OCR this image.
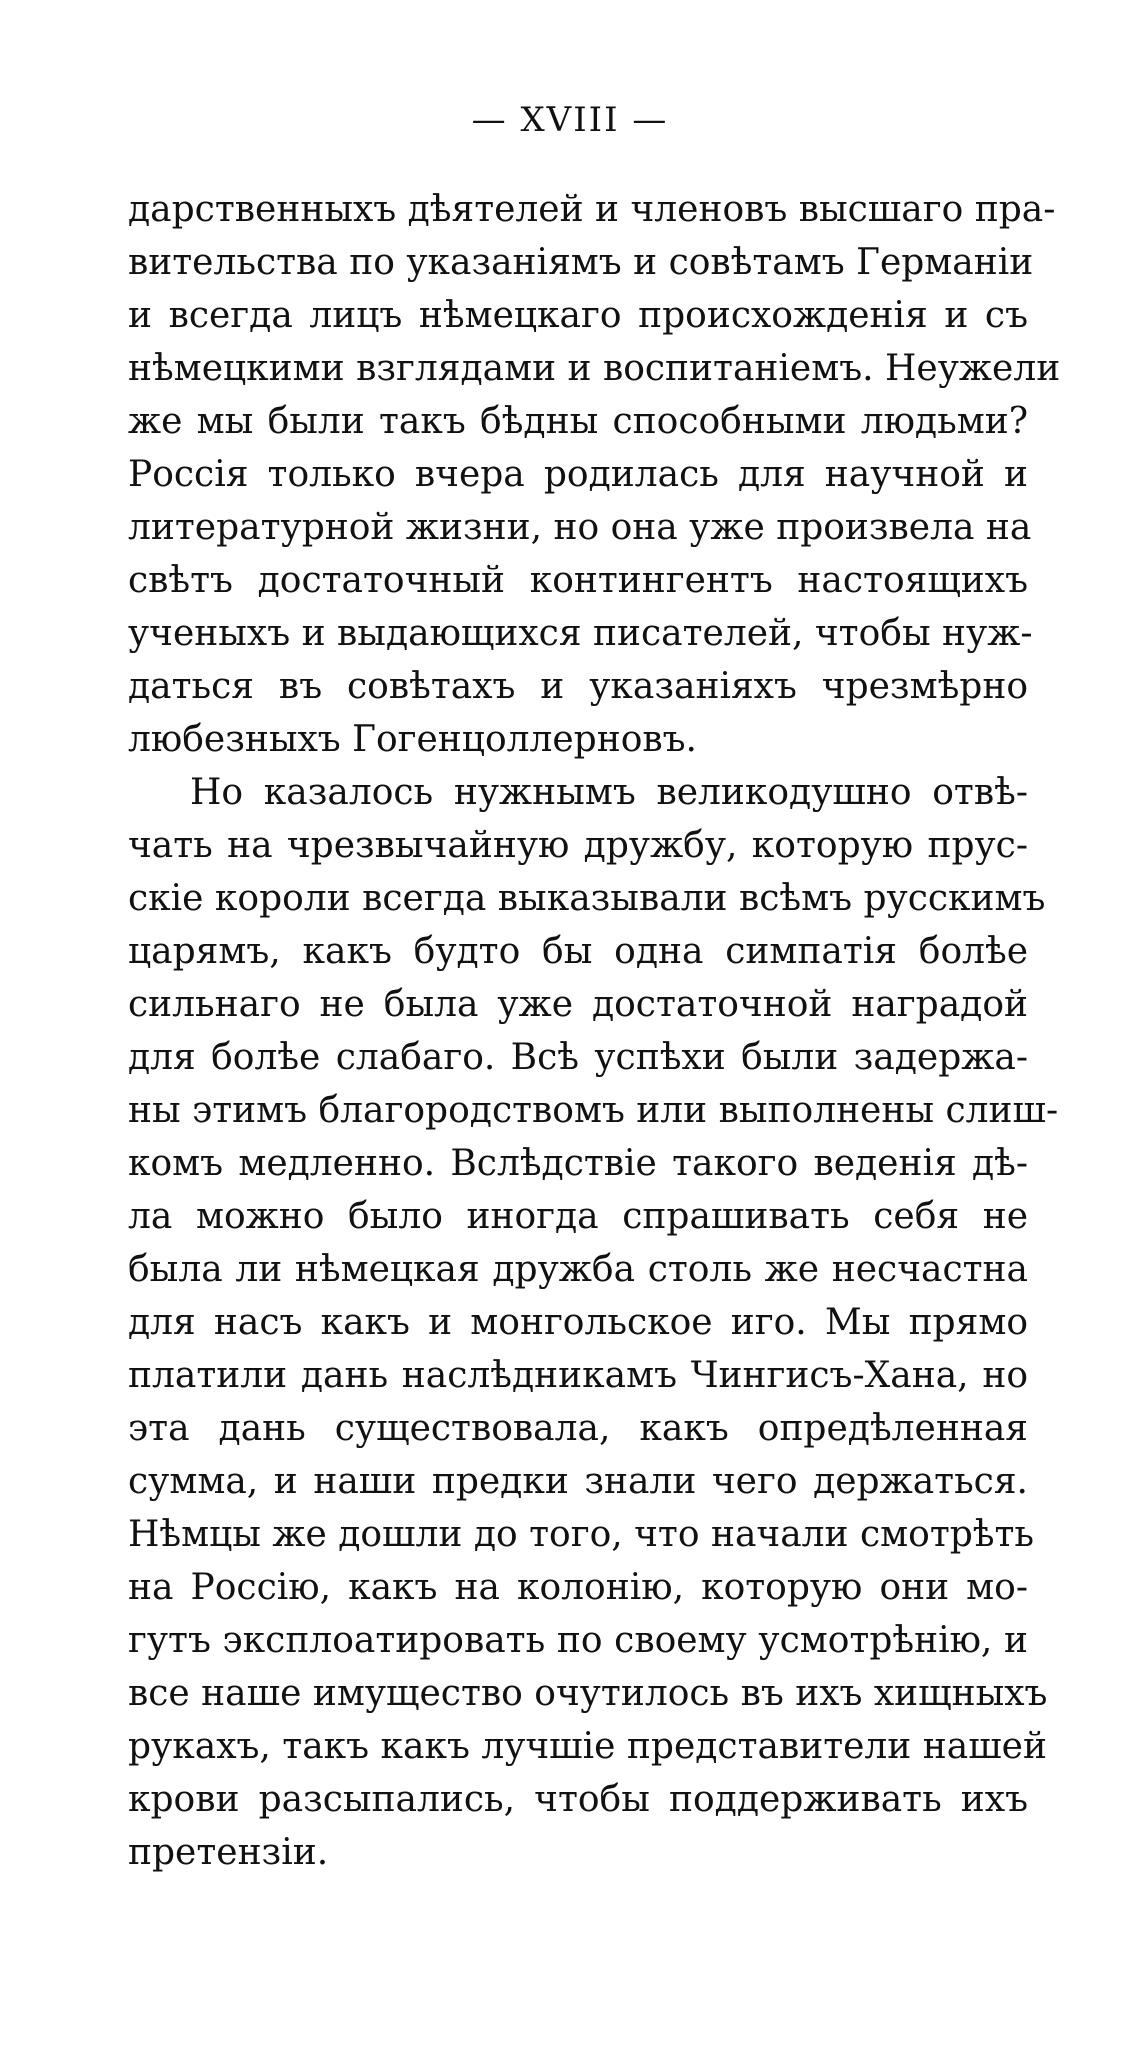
— XVIII —
дарственныхъ дѣятелей и членовъ высшаго пра-
вительства по указаніямъ и совѣтамъ Германіи
и всегда лицъ нѣмецкаго происхожденія и съ
нѣмецкими взглядами и воспитаніемъ. Неужели
же мы были такъ бѣдны способными людьми?
Россія только вчера родилась для научной и
литературной жизни, но она уже произвела на
свѣтъ достаточный контингентъ настоящихъ
ученыхъ и выдающихся писателей, чтобы нуж-
даться въ совѣтахъ и указаніяхъ чрезмѣрно
любезныхъ Гогенцоллерновъ.
Но казалось нужнымъ великодушно отвѣ-
чать на чрезвычайную дружбу, которую прус-
скіе короли всегда выказывали всѣмъ русскимъ
царямъ, какъ будто бы одна симпатія болѣе
сильнаго не была уже достаточной наградой
для болѣе слабаго. Всѣ успѣхи были задержа-
ны этимъ благородствомъ или выполнены слиш-
комъ медленно. Вслѣдствіе такого веденія дѣ-
ла можно было иногда спрашивать себя не
была ли нѣмецкая дружба столь же несчастна
для насъ какъ и монгольское иго. Мы прямо
платили дань наслѣдникамъ Чингисъ-Хана, но
эта дань существовала, какъ опредѣленная
сумма, и наши предки знали чего держаться.
Нѣмцы же дошли до того, что начали смотрѣть
на Россію, какъ на колонію, которую они мо-
гутъ эксплоатировать по своему усмотрѣнію, и
все наше имущество очутилось въ ихъ хищныхъ
рукахъ, такъ какъ лучшіе представители нашей
крови разсыпались, чтобы поддерживать ихъ
претензіи.
